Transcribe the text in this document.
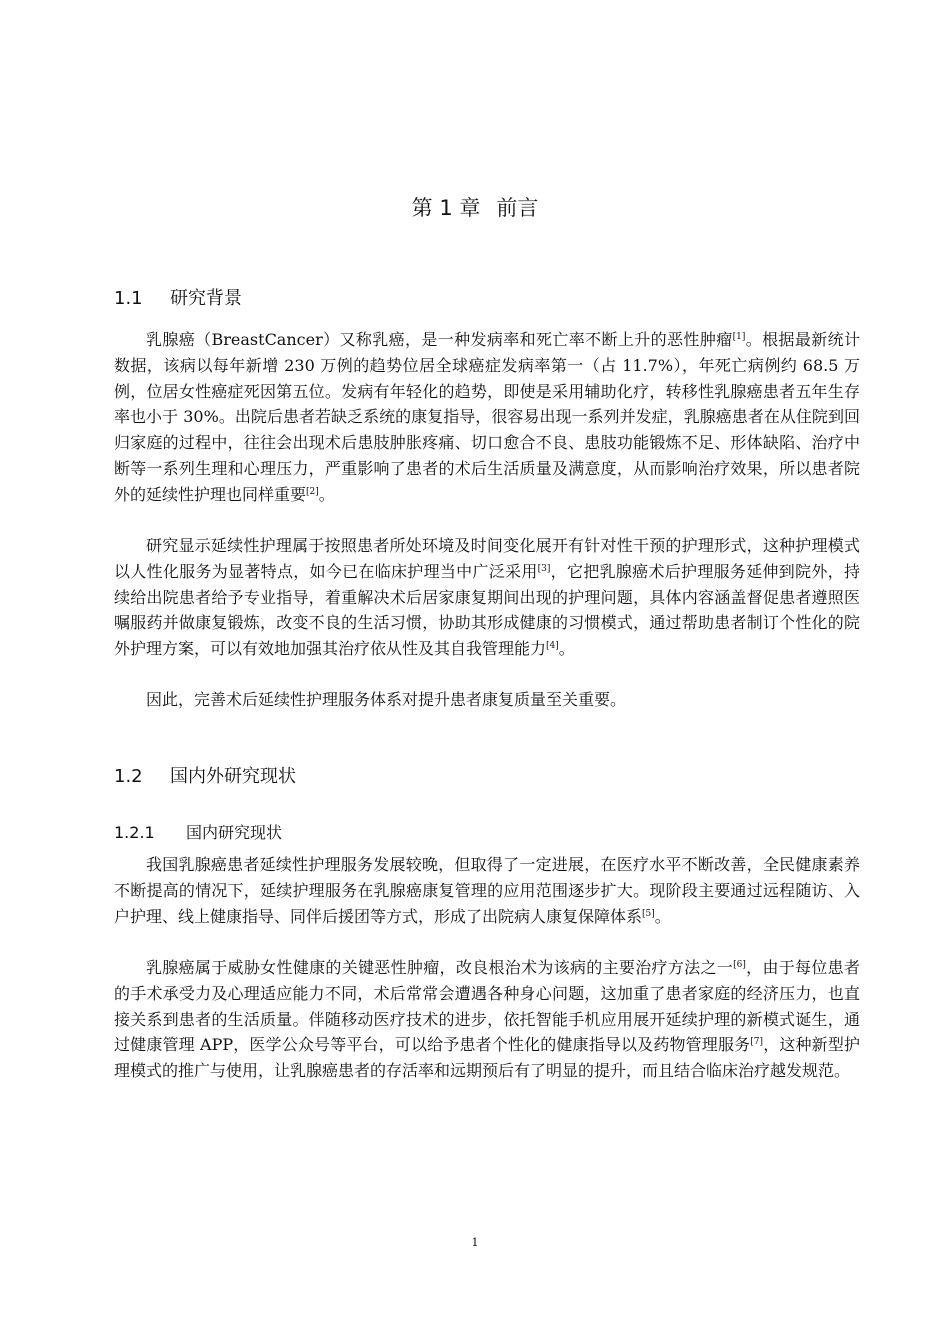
第 1 章 前言
1.1 研究背景

乳腺癌（BreastCancer）又称乳癌，是一种发病率和死亡率不断上升的恶性肿瘤[1]。根据最新统计数据，该病以每年新增 230 万例的趋势位居全球癌症发病率第一（占 11.7%），年死亡病例约 68.5 万例，位居女性癌症死因第五位。发病有年轻化的趋势，即使是采用辅助化疗，转移性乳腺癌患者五年生存率也小于 30%。出院后患者若缺乏系统的康复指导，很容易出现一系列并发症，乳腺癌患者在从住院到回归家庭的过程中，往往会出现术后患肢肿胀疼痛、切口愈合不良、患肢功能锻炼不足、形体缺陷、治疗中断等一系列生理和心理压力，严重影响了患者的术后生活质量及满意度，从而影响治疗效果，所以患者院外的延续性护理也同样重要[2]。

研究显示延续性护理属于按照患者所处环境及时间变化展开有针对性干预的护理形式，这种护理模式以人性化服务为显著特点，如今已在临床护理当中广泛采用[3]，它把乳腺癌术后护理服务延伸到院外，持续给出院患者给予专业指导，着重解决术后居家康复期间出现的护理问题，具体内容涵盖督促患者遵照医嘱服药并做康复锻炼，改变不良的生活习惯，协助其形成健康的习惯模式，通过帮助患者制订个性化的院外护理方案，可以有效地加强其治疗依从性及其自我管理能力[4]。

因此，完善术后延续性护理服务体系对提升患者康复质量至关重要。

1.2 国内外研究现状
1.2.1 国内研究现状

我国乳腺癌患者延续性护理服务发展较晚，但取得了一定进展，在医疗水平不断改善，全民健康素养不断提高的情况下，延续护理服务在乳腺癌康复管理的应用范围逐步扩大。现阶段主要通过远程随访、入户护理、线上健康指导、同伴后援团等方式，形成了出院病人康复保障体系[5]。

乳腺癌属于威胁女性健康的关键恶性肿瘤，改良根治术为该病的主要治疗方法之一[6]，由于每位患者的手术承受力及心理适应能力不同，术后常常会遭遇各种身心问题，这加重了患者家庭的经济压力，也直接关系到患者的生活质量。伴随移动医疗技术的进步，依托智能手机应用展开延续护理的新模式诞生，通过健康管理 APP，医学公众号等平台，可以给予患者个性化的健康指导以及药物管理服务[7]，这种新型护理模式的推广与使用，让乳腺癌患者的存活率和远期预后有了明显的提升，而且结合临床治疗越发规范。

1
